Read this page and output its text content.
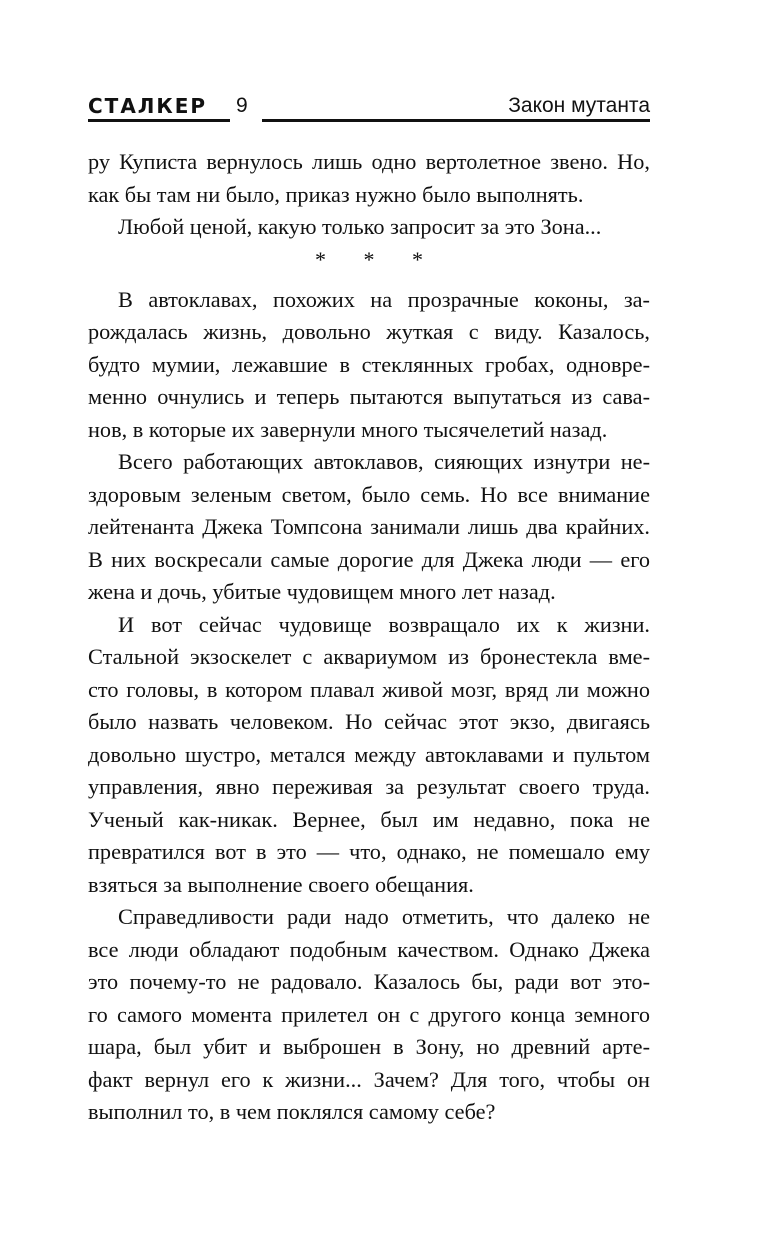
СТАЛКЕР 9	Закон мутанта
ру Куписта вернулось лишь одно вертолетное звено. Но,
как бы там ни было, приказ нужно было выполнять.
Любой ценой, какую только запросит за это Зона...
* * *
В автоклавах, похожих на прозрачные коконы, за-
рождалась жизнь, довольно жуткая с виду. Казалось,
будто мумии, лежавшие в стеклянных гробах, одновре-
менно очнулись и теперь пытаются выпутаться из сава-
нов, в которые их завернули много тысячелетий назад.
Всего работающих автоклавов, сияющих изнутри не-
здоровым зеленым светом, было семь. Но все внимание
лейтенанта Джека Томпсона занимали лишь два крайних.
В них воскресали самые дорогие для Джека люди — его
жена и дочь, убитые чудовищем много лет назад.
И вот сейчас чудовище возвращало их к жизни.
Стальной экзоскелет с аквариумом из бронестекла вме-
сто головы, в котором плавал живой мозг, вряд ли можно
было назвать человеком. Но сейчас этот экзо, двигаясь
довольно шустро, метался между автоклавами и пультом
управления, явно переживая за результат своего труда.
Ученый как-никак. Вернее, был им недавно, пока не
превратился вот в это — что, однако, не помешало ему
взяться за выполнение своего обещания.
Справедливости ради надо отметить, что далеко не
все люди обладают подобным качеством. Однако Джека
это почему-то не радовало. Казалось бы, ради вот это-
го самого момента прилетел он с другого конца земного
шара, был убит и выброшен в Зону, но древний арте-
факт вернул его к жизни... Зачем? Для того, чтобы он
выполнил то, в чем поклялся самому себе?
